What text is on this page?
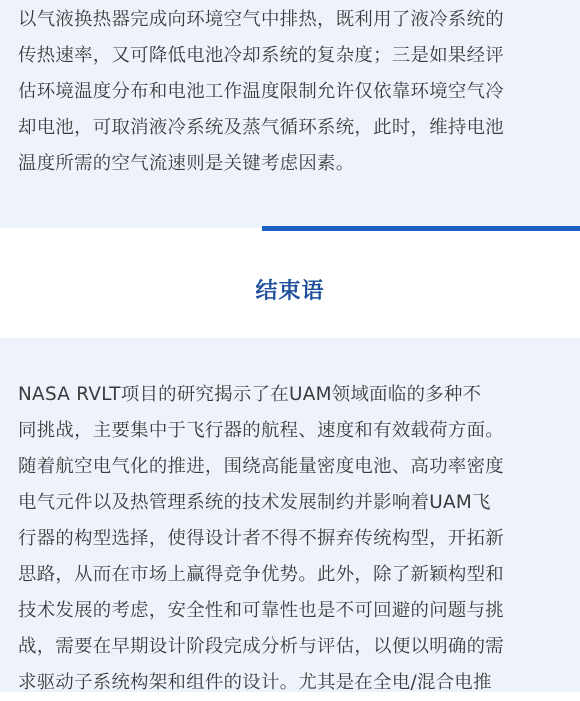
以气液换热器完成向环境空气中排热，既利用了液冷系统的
传热速率，又可降低电池冷却系统的复杂度；三是如果经评
估环境温度分布和电池工作温度限制允许仅依靠环境空气冷
却电池，可取消液冷系统及蒸气循环系统，此时，维持电池
温度所需的空气流速则是关键考虑因素。

结束语

NASA RVLT项目的研究揭示了在UAM领域面临的多种不
同挑战，主要集中于飞行器的航程、速度和有效载荷方面。
随着航空电气化的推进，围绕高能量密度电池、高功率密度
电气元件以及热管理系统的技术发展制约并影响着UAM飞
行器的构型选择，使得设计者不得不摒弃传统构型，开拓新
思路，从而在市场上赢得竞争优势。此外，除了新颖构型和
技术发展的考虑，安全性和可靠性也是不可回避的问题与挑
战，需要在早期设计阶段完成分析与评估，以便以明确的需
求驱动子系统构架和组件的设计。尤其是在全电/混合电推
